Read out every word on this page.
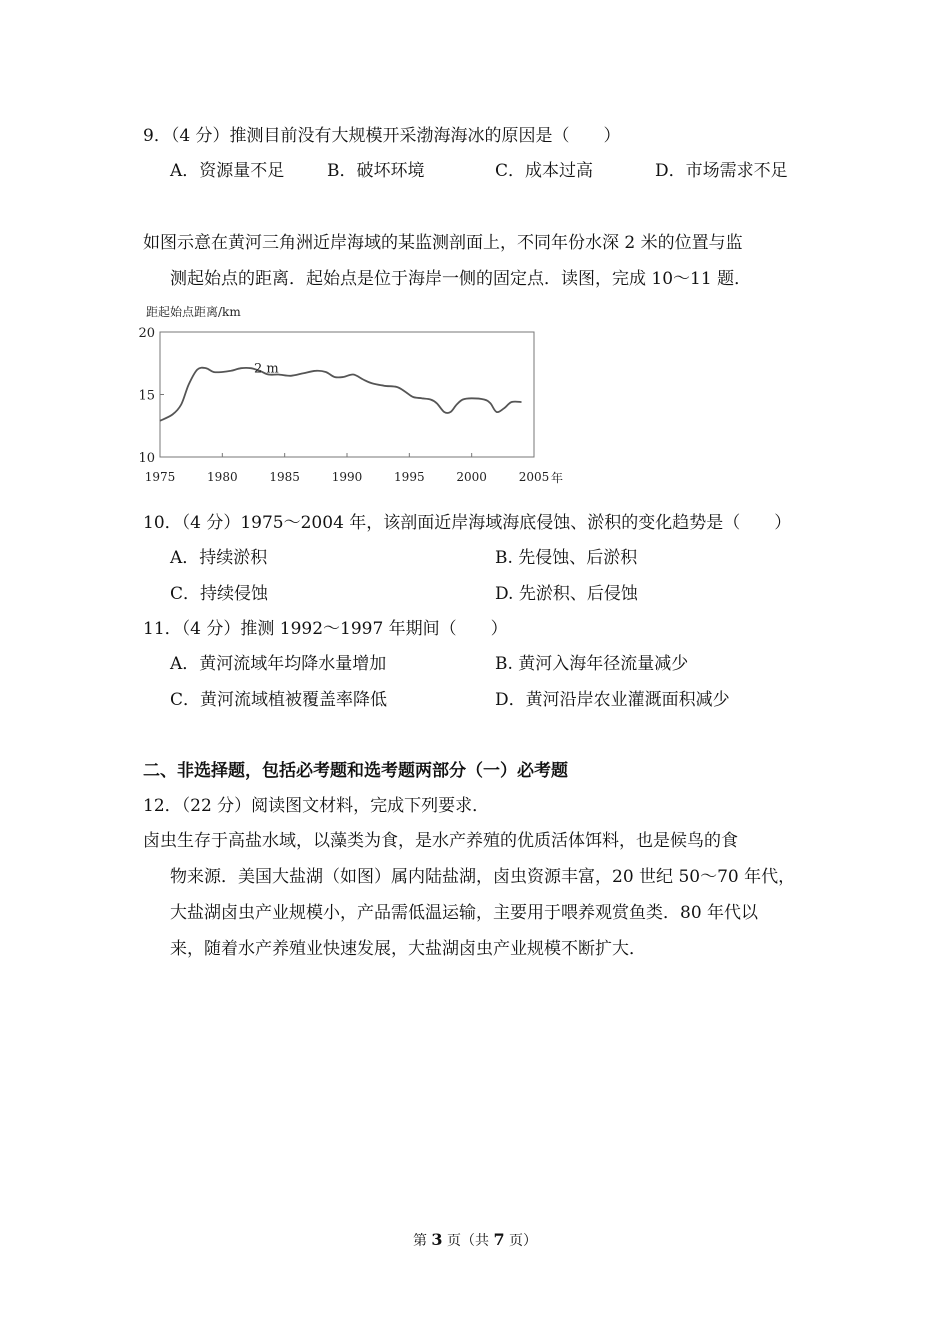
9．（4 分）推测目前没有大规模开采渤海海冰的原因是（　　）
A．资源量不足	B．破坏环境	C．成本过高	D．市场需求不足
如图示意在黄河三角洲近岸海域的某监测剖面上，不同年份水深 2 米的位置与监
测起始点的距离．起始点是位于海岸一侧的固定点．读图，完成 10～11 题．
距起始点距离/km
10
15
20
1975	1980	1985	1990	1995	2000	2005 年
2 m
10．（4 分）1975～2004 年，该剖面近岸海域海底侵蚀、淤积的变化趋势是（　　）
A．持续淤积	B. 先侵蚀、后淤积
C．持续侵蚀	D. 先淤积、后侵蚀
11．（4 分）推测 1992～1997 年期间（　　）
A．黄河流域年均降水量增加	B. 黄河入海年径流量减少
C．黄河流域植被覆盖率降低	D．黄河沿岸农业灌溉面积减少
二、非选择题，包括必考题和选考题两部分（一）必考题
12．（22 分）阅读图文材料，完成下列要求．
卤虫生存于高盐水域，以藻类为食，是水产养殖的优质活体饵料，也是候鸟的食
物来源．美国大盐湖（如图）属内陆盐湖，卤虫资源丰富，20 世纪 50～70 年代，
大盐湖卤虫产业规模小，产品需低温运输，主要用于喂养观赏鱼类．80 年代以
来，随着水产养殖业快速发展，大盐湖卤虫产业规模不断扩大．
第 3 页（共 7 页）
